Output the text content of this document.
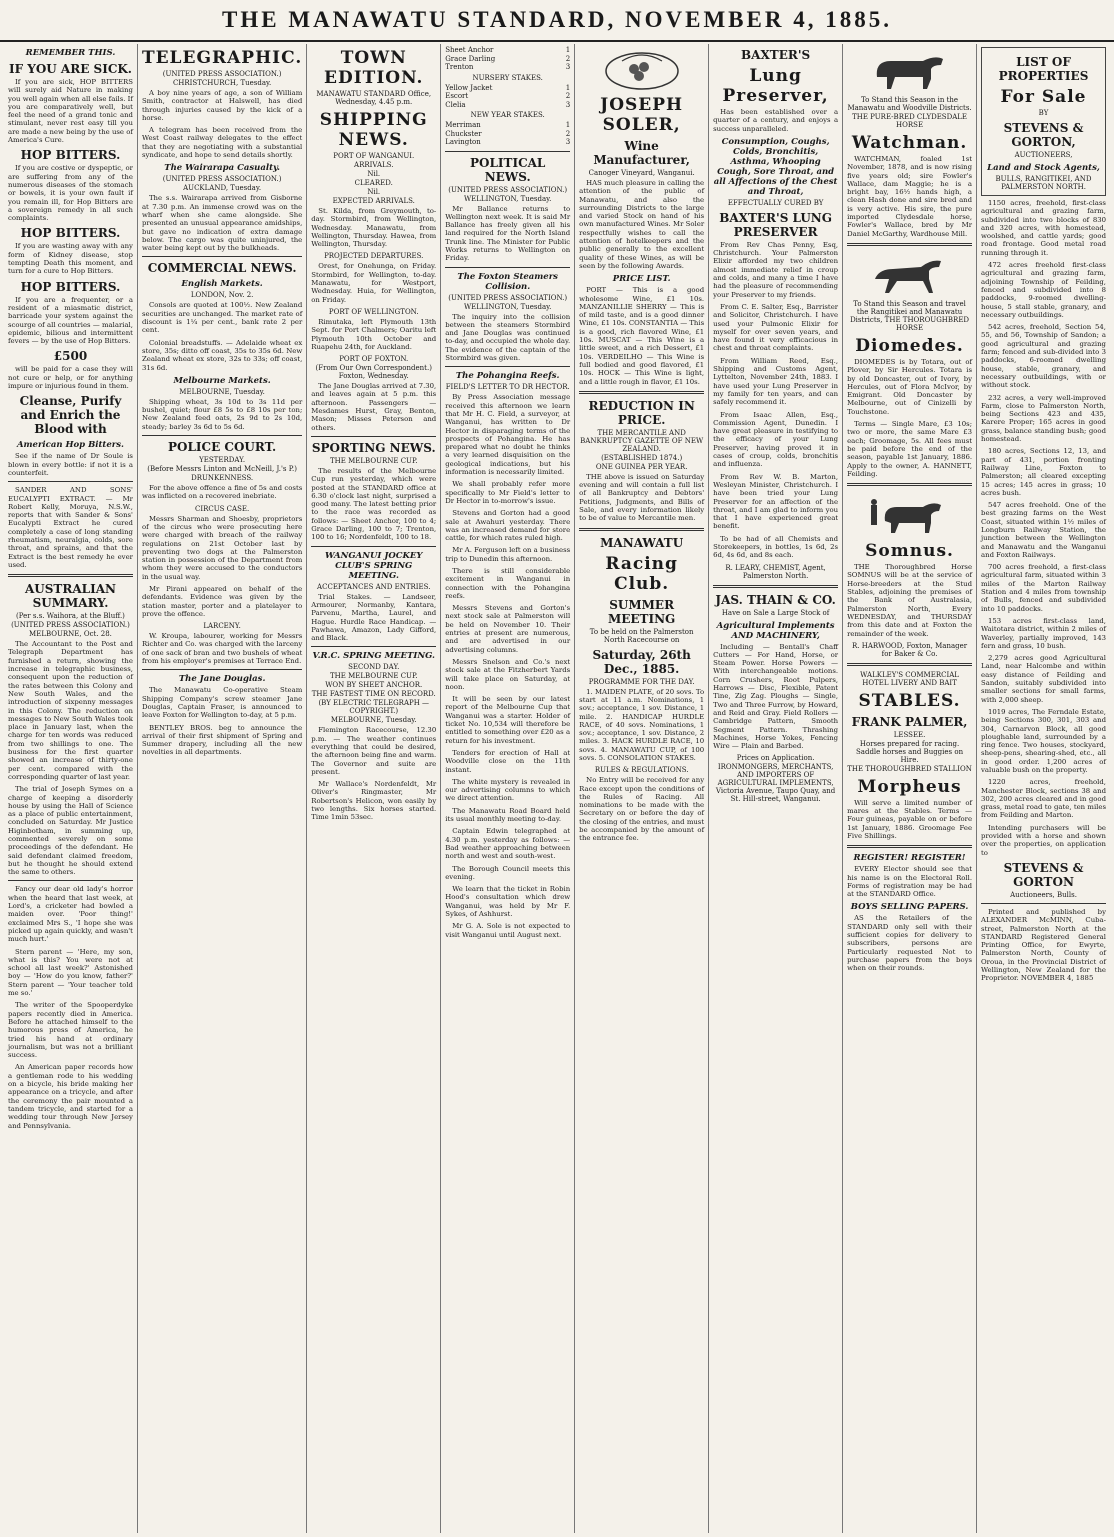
THE MANAWATU STANDARD, NOVEMBER 4, 1885.
REMEMBER THIS.
IF YOU ARE SICK.

If you are sick, HOP BITTERS will surely aid Nature in making you well again when all else fails. If you are comparatively well, but feel the need of a grand tonic and stimulant, never rest easy till you are made a new being by the use of America's Cure.

HOP BITTERS.

If you are costive or dyspeptic, or are suffering from any of the numerous diseases of the stomach or bowels, it is your own fault if you remain ill, for Hop Bitters are a sovereign remedy in all such complaints.

HOP BITTERS.

If you are wasting away with any form of Kidney disease, stop tempting Death this moment, and turn for a cure to Hop Bitters.

HOP BITTERS.

If you are a frequenter, or a resident of a miasmatic district, barricade your system against the scourge of all countries — malarial, epidemic, bilious and intermittent fevers — by the use of Hop Bitters.

£500

will be paid for a case they will not cure or help, or for anything impure or injurious found in them.

Cleanse, Purify and Enrich the Blood with
American Hop Bitters.

See if the name of Dr Soule is blown in every bottle: if not it is a counterfeit.

SANDER AND SONS' EUCALYPTI EXTRACT. — Mr Robert Kelly, Moruya, N.S.W., reports that with Sander & Sons' Eucalypti Extract he cured completely a case of long standing rheumatism, neuralgia, colds, sore throat, and sprains, and that the Extract is the best remedy he ever used.

AUSTRALIAN SUMMARY.
(Per s.s. Waihora, at the Bluff.)
(UNITED PRESS ASSOCIATION.)
MELBOURNE, Oct. 28.

The Accountant to the Post and Telegraph Department has furnished a return, showing the increase in telegraphic business, consequent upon the reduction of the rates between this Colony and New South Wales, and the introduction of sixpenny messages in this Colony. The reduction on messages to New South Wales took place in January last, when the charge for ten words was reduced from two shillings to one. The business for the first quarter showed an increase of thirty-one per cent. compared with the corresponding quarter of last year.

The trial of Joseph Symes on a charge of keeping a disorderly house by using the Hall of Science as a place of public entertainment, concluded on Saturday. Mr Justice Higinbotham, in summing up, commented severely on some proceedings of the defendant. He said defendant claimed freedom, but he thought he should extend the same to others.

Fancy our dear old lady's horror when the heard that last week, at Lord's, a cricketer had bowled a maiden over. 'Poor thing!' exclaimed Mrs S., 'I hope she was picked up again quickly, and wasn't much hurt.'

Stern parent — 'Here, my son, what is this? You were not at school all last week?' Astonished boy — 'How do you know, father?' Stern parent — 'Your teacher told me so.'

The writer of the Spooperdyke papers recently died in America. Before he attached himself to the humorous press of America, he tried his hand at ordinary journalism, but was not a brilliant success.

An American paper records how a gentleman rode to his wedding on a bicycle, his bride making her appearance on a tricycle, and after the ceremony the pair mounted a tandem tricycle, and started for a wedding tour through New Jersey and Pennsylvania.

TELEGRAPHIC.
(UNITED PRESS ASSOCIATION.)
CHRISTCHURCH, Tuesday.

A boy nine years of age, a son of William Smith, contractor at Halswell, has died through injuries caused by the kick of a horse.

A telegram has been received from the West Coast railway delegates to the effect that they are negotiating with a substantial syndicate, and hope to send details shortly.

The Wairarapa Casualty.
(UNITED PRESS ASSOCIATION.)
AUCKLAND, Tuesday.

The s.s. Wairarapa arrived from Gisborne at 7.30 p.m. An immense crowd was on the wharf when she came alongside. She presented an unusual appearance amidships, but gave no indication of extra damage below. The cargo was quite uninjured, the water being kept out by the bulkheads.

COMMERCIAL NEWS.
English Markets.
LONDON, Nov. 2.

Consols are quoted at 100½. New Zealand securities are unchanged. The market rate of discount is 1¼ per cent., bank rate 2 per cent.

Colonial breadstuffs. — Adelaide wheat ex store, 35s; ditto off coast, 35s to 35s 6d. New Zealand wheat ex store, 32s to 33s; off coast, 31s 6d.

Melbourne Markets.
MELBOURNE, Tuesday.

Shipping wheat, 3s 10d to 3s 11d per bushel, quiet; flour £8 5s to £8 10s per ton; New Zealand feed oats, 2s 9d to 2s 10d, steady; barley 3s 6d to 5s 6d.

POLICE COURT.
YESTERDAY.
(Before Messrs Linton and McNeill, J.'s P.)
DRUNKENNESS.

For the above offence a fine of 5s and costs was inflicted on a recovered inebriate.

CIRCUS CASE.

Messrs Sharman and Shoesby, proprietors of the circus who were prosecuting here were charged with breach of the railway regulations on 21st October last by preventing two dogs at the Palmerston station in possession of the Department from whom they were accused to the conductors in the usual way.

Mr Pirani appeared on behalf of the defendants. Evidence was given by the station master, porter and a platelayer to prove the offence.

LARCENY.

W. Kroupa, labourer, working for Messrs Richter and Co. was charged with the larceny of one sack of bran and two bushels of wheat from his employer's premises at Terrace End.

The Jane Douglas.

The Manawatu Co-operative Steam Shipping Company's screw steamer Jane Douglas, Captain Fraser, is announced to leave Foxton for Wellington to-day, at 5 p.m.

BENTLEY BROS. beg to announce the arrival of their first shipment of Spring and Summer drapery, including all the new novelties in all departments.

TOWN EDITION.
MANAWATU STANDARD Office, Wednesday, 4.45 p.m.
SHIPPING NEWS.
PORT OF WANGANUI.
ARRIVALS.
Nil.
CLEARED.
Nil.
EXPECTED ARRIVALS.

St. Kilda, from Greymouth, to-day. Stormbird, from Wellington, Wednesday. Manawatu, from Wellington, Thursday. Hawea, from Wellington, Thursday.

PROJECTED DEPARTURES.

Orest, for Onehunga, on Friday. Stormbird, for Wellington, to-day. Manawatu, for Westport, Wednesday. Huia, for Wellington, on Friday.

PORT OF WELLINGTON.

Rimutaka, left Plymouth 13th Sept. for Port Chalmers; Oaritu left Plymouth 10th October and Ruapehu 24th, for Auckland.

PORT OF FOXTON.
(From Our Own Correspondent.) Foxton, Wednesday.

The Jane Douglas arrived at 7.30, and leaves again at 5 p.m. this afternoon. Passengers — Mesdames Hurst, Gray, Benton, Mason; Misses Peterson and others.

SPORTING NEWS.
THE MELBOURNE CUP.

The results of the Melbourne Cup run yesterday, which were posted at the STANDARD office at 6.30 o'clock last night, surprised a good many. The latest betting prior to the race was recorded as follows: — Sheet Anchor, 100 to 4; Grace Darling, 100 to 7; Trenton, 100 to 16; Nordenfeldt, 100 to 18.

WANGANUI JOCKEY CLUB'S SPRING MEETING.
ACCEPTANCES AND ENTRIES.

Trial Stakes. — Landseer, Armourer, Normanby, Kantara, Parvenu, Martha, Laurel, and Hague. Hurdle Race Handicap. — Pawhawa, Amazon, Lady Gifford, and Black.

V.R.C. SPRING MEETING.
SECOND DAY.
THE MELBOURNE CUP.
WON BY SHEET ANCHOR.
THE FASTEST TIME ON RECORD.
(BY ELECTRIC TELEGRAPH — COPYRIGHT.)
MELBOURNE, Tuesday.

Flemington Racecourse, 12.30 p.m. — The weather continues everything that could be desired, the afternoon being fine and warm. The Governor and suite are present.

Mr Wallace's Nordenfeldt, Mr Oliver's Ringmaster, Mr Robertson's Helicon, won easily by two lengths. Six horses started. Time 1min 53sec.

Sheet Anchor	1
Grace Darling	2
Trenton	3
NURSERY STAKES.
Yellow Jacket	1
Escort	2
Clelia	3
NEW YEAR STAKES.
Merriman	1
Chuckster	2
Lavington	3
POLITICAL NEWS.
(UNITED PRESS ASSOCIATION.)
WELLINGTON, Tuesday.

Mr Ballance returns to Wellington next week. It is said Mr Ballance has freely given all his land required for the North Island Trunk line. The Minister for Public Works returns to Wellington on Friday.

The Foxton Steamers Collision.
(UNITED PRESS ASSOCIATION.)
WELLINGTON, Tuesday.

The inquiry into the collision between the steamers Stormbird and Jane Douglas was continued to-day, and occupied the whole day. The evidence of the captain of the Stormbird was given.

The Pohangina Reefs.
FIELD'S LETTER TO DR HECTOR.

By Press Association message received this afternoon we learn that Mr H. C. Field, a surveyor, at Wanganui, has written to Dr Hector in disparaging terms of the prospects of Pohangina. He has prepared what no doubt he thinks a very learned disquisition on the geological indications, but his information is necessarily limited.

We shall probably refer more specifically to Mr Field's letter to Dr Hector in to-morrow's issue.

Stevens and Gorton had a good sale at Awahuri yesterday. There was an increased demand for store cattle, for which rates ruled high.

Mr A. Ferguson left on a business trip to Dunedin this afternoon.

There is still considerable excitement in Wanganui in connection with the Pohangina reefs.

Messrs Stevens and Gorton's next stock sale at Palmerston will be held on November 10. Their entries at present are numerous, and are advertised in our advertising columns.

Messrs Snelson and Co.'s next stock sale at the Fitzherbert Yards will take place on Saturday, at noon.

It will be seen by our latest report of the Melbourne Cup that Wanganui was a starter. Holder of ticket No. 10,534 will therefore be entitled to something over £20 as a return for his investment.

Tenders for erection of Hall at Woodville close on the 11th instant.

The white mystery is revealed in our advertising columns to which we direct attention.

The Manawatu Road Board held its usual monthly meeting to-day.

Captain Edwin telegraphed at 4.30 p.m. yesterday as follows: — Bad weather approaching between north and west and south-west.

The Borough Council meets this evening.

We learn that the ticket in Robin Hood's consultation which drew Wanganui, was held by Mr F. Sykes, of Ashhurst.

Mr G. A. Sole is not expected to visit Wanganui until August next.

JOSEPH SOLER,
Wine Manufacturer,
Canoger Vineyard, Wanganui.

HAS much pleasure in calling the attention of the public of Manawatu, and also the surrounding Districts to the large and varied Stock on hand of his own manufactured Wines. Mr Soler respectfully wishes to call the attention of hotelkeepers and the public generally to the excellent quality of these Wines, as will be seen by the following Awards.

PRICE LIST.

PORT — This is a good wholesome Wine, £1 10s. MANZANILLIE SHERRY — This is of mild taste, and is a good dinner Wine, £1 10s. CONSTANTIA — This is a good, rich flavored Wine, £1 10s. MUSCAT — This Wine is a little sweet, and a rich Dessert, £1 10s. VERDEILHO — This Wine is full bodied and good flavored, £1 10s. HOCK — This Wine is light, and a little rough in flavor, £1 10s.

REDUCTION IN PRICE.
THE MERCANTILE AND BANKRUPTCY GAZETTE OF NEW ZEALAND.
(ESTABLISHED 1874.)
ONE GUINEA PER YEAR.

THE above is issued on Saturday evening and will contain a full list of all Bankruptcy and Debtors' Petitions, Judgments, and Bills of Sale, and every information likely to be of value to Mercantile men.

MANAWATU
Racing Club.
SUMMER MEETING
To be held on the Palmerston North Racecourse on
Saturday, 26th Dec., 1885.
PROGRAMME FOR THE DAY.

1. MAIDEN PLATE, of 20 sovs. To start at 11 a.m. Nominations, 1 sov.; acceptance, 1 sov. Distance, 1 mile. 2. HANDICAP HURDLE RACE, of 40 sovs. Nominations, 1 sov.; acceptance, 1 sov. Distance, 2 miles. 3. HACK HURDLE RACE, 10 sovs. 4. MANAWATU CUP, of 100 sovs. 5. CONSOLATION STAKES.

RULES & REGULATIONS.

No Entry will be received for any Race except upon the conditions of the Rules of Racing. All nominations to be made with the Secretary on or before the day of the closing of the entries, and must be accompanied by the amount of the entrance fee.

BAXTER'S
Lung Preserver,

Has been established over a quarter of a century, and enjoys a success unparalleled.

Consumption, Coughs, Colds, Bronchitis, Asthma, Whooping Cough, Sore Throat, and all Affections of the Chest and Throat,
EFFECTUALLY CURED BY
BAXTER'S LUNG PRESERVER

From Rev Chas Penny, Esq, Christchurch. Your Palmerston Elixir afforded my two children almost immediate relief in croup and colds, and many a time I have had the pleasure of recommending your Preserver to my friends.

From C. E. Salter, Esq., Barrister and Solicitor, Christchurch. I have used your Pulmonic Elixir for myself for over seven years, and have found it very efficacious in chest and throat complaints.

From William Reed, Esq., Shipping and Customs Agent, Lyttelton, November 24th, 1883. I have used your Lung Preserver in my family for ten years, and can safely recommend it.

From Isaac Allen, Esq., Commission Agent, Dunedin. I have great pleasure in testifying to the efficacy of your Lung Preserver, having proved it in cases of croup, colds, bronchitis and influenza.

From Rev W. B. Marton, Wesleyan Minister, Christchurch. I have been tried your Lung Preserver for an affection of the throat, and I am glad to inform you that I have experienced great benefit.

To be had of all Chemists and Storekeepers, in bottles, 1s 6d, 2s 6d, 4s 6d, and 8s each.

R. LEARY, CHEMIST, Agent, Palmerston North.
JAS. THAIN & CO.
Have on Sale a Large Stock of
Agricultural Implements AND MACHINERY,

Including — Bentall's Chaff Cutters — For Hand, Horse, or Steam Power. Horse Powers — With interchangeable motions. Corn Crushers, Root Pulpers, Harrows — Disc, Flexible, Patent Tine, Zig Zag. Ploughs — Single, Two and Three Furrow, by Howard, and Reid and Gray. Field Rollers — Cambridge Pattern, Smooth Segment Pattern. Thrashing Machines, Horse Yokes, Fencing Wire — Plain and Barbed.

Prices on Application.
IRONMONGERS, MERCHANTS, AND IMPORTERS OF AGRICULTURAL IMPLEMENTS, Victoria Avenue, Taupo Quay, and St. Hill-street, Wanganui.
To Stand this Season in the Manawatu and Woodville Districts.
THE PURE-BRED CLYDESDALE HORSE
Watchman.

WATCHMAN, foaled 1st November, 1878, and is now rising five years old; sire Fowler's Wallace, dam Maggie; he is a bright bay, 16½ hands high, a clean Hash done and sire bred and is very active. His sire, the pure imported Clydesdale horse, Fowler's Wallace, bred by Mr Daniel McGarthy, Wardhouse Mill.

To Stand this Season and travel the Rangitikei and Manawatu Districts, THE THOROUGHBRED HORSE
Diomedes.

DIOMEDES is by Totara, out of Plover, by Sir Hercules. Totara is by old Doncaster, out of Ivory, by Hercules, out of Flora McIvor, by Emigrant. Old Doncaster by Melbourne, out of Cinizelli by Touchstone.

Terms — Single Mare, £3 10s; two or more, the same Mare £3 each; Groomage, 5s. All fees must be paid before the end of the season, payable 1st January, 1886. Apply to the owner, A. HANNETT, Feilding.

Somnus.

THE Thoroughbred Horse SOMNUS will be at the service of Horse-breeders at the Stud Stables, adjoining the premises of the Bank of Australasia, Palmerston North, Every WEDNESDAY, and THURSDAY from this date and at Foxton the remainder of the week.

R. HARWOOD, Foxton, Manager for Baker & Co.
WALKLEY'S COMMERCIAL HOTEL LIVERY AND BAIT
STABLES.
FRANK PALMER,
LESSEE.
Horses prepared for racing. Saddle horses and Buggies on Hire.
THE THOROUGHBRED STALLION
Morpheus

Will serve a limited number of mares at the Stables. Terms — Four guineas, payable on or before 1st January, 1886. Groomage Fee Five Shillings.

REGISTER! REGISTER!

EVERY Elector should see that his name is on the Electoral Roll. Forms of registration may be had at the STANDARD Office.

BOYS SELLING PAPERS.

AS the Retailers of the STANDARD only sell with their sufficient copies for delivery to subscribers, persons are Particularly requested Not to purchase papers from the boys when on their rounds.

LIST OF PROPERTIES
For Sale
BY
STEVENS & GORTON,
AUCTIONEERS,
Land and Stock Agents,
BULLS, RANGITIKEI, AND PALMERSTON NORTH.

1150 acres, freehold, first-class agricultural and grazing farm, subdivided into two blocks of 830 and 320 acres, with homestead, woolshed, and cattle yards; good road frontage. Good metal road running through it.

472 acres freehold first-class agricultural and grazing farm, adjoining Township of Feilding, fenced and subdivided into 8 paddocks, 9-roomed dwelling-house, 5 stall stable, granary, and necessary outbuildings.

542 acres, freehold, Section 54, 55, and 56, Township of Sandon; a good agricultural and grazing farm; fenced and sub-divided into 3 paddocks, 6-roomed dwelling house, stable, granary, and necessary outbuildings, with or without stock.

232 acres, a very well-improved Farm, close to Palmerston North, being Sections 423 and 435, Karere Proper; 165 acres in good grass, balance standing bush; good homestead.

180 acres, Sections 12, 13, and part of 431, portion fronting Railway Line, Foxton to Palmerston; all cleared excepting 15 acres; 145 acres in grass; 10 acres bush.

547 acres freehold. One of the best grazing farms on the West Coast, situated within 1½ miles of Longburn Railway Station, the junction between the Wellington and Manawatu and the Wanganui and Foxton Railways.

700 acres freehold, a first-class agricultural farm, situated within 3 miles of the Marton Railway Station and 4 miles from township of Bulls, fenced and subdivided into 10 paddocks.

153 acres first-class land, Waitotara district, within 2 miles of Waverley, partially improved, 143 fern and grass, 10 bush.

2,279 acres good Agricultural Land, near Halcombe and within easy distance of Feilding and Sandon, suitably subdivided into smaller sections for small farms, with 2,000 sheep.

1019 acres, The Ferndale Estate, being Sections 300, 301, 303 and 304, Carnarvon Block, all good ploughable land, surrounded by a ring fence. Two houses, stockyard, sheep-pens, shearing-shed, etc., all in good order. 1,200 acres of valuable bush on the property.

1220 acres, freehold, Manchester Block, sections 38 and 302, 200 acres cleared and in good grass, metal road to gate, ten miles from Feilding and Marton.

Intending purchasers will be provided with a horse and shown over the properties, on application to

STEVENS & GORTON
Auctioneers, Bulls.

Printed and published by ALEXANDER McMINN, Cuba-street, Palmerston North at the STANDARD Registered General Printing Office, for Ewyrte, Palmerston North, County of Oroua, in the Provincial District of Wellington, New Zealand for the Proprietor. NOVEMBER 4, 1885
